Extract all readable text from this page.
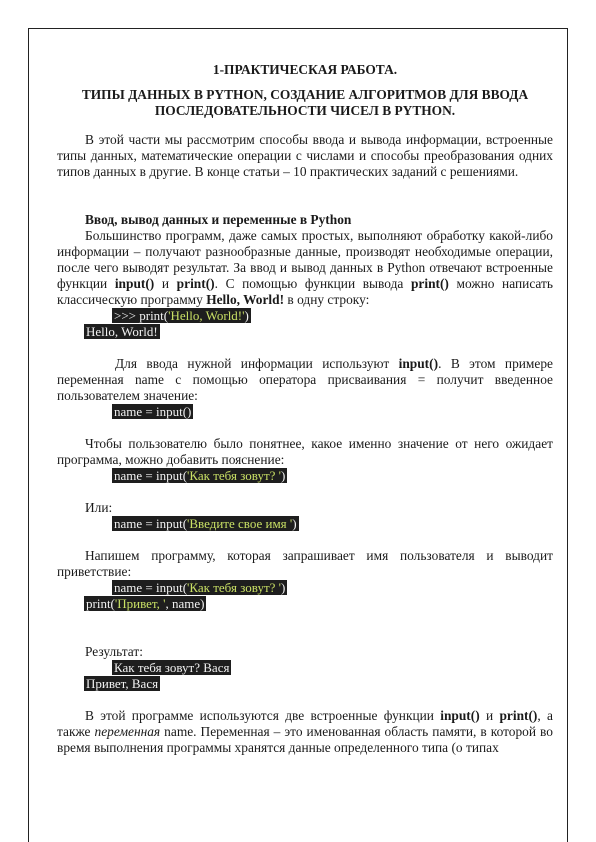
1-ПРАКТИЧЕСКАЯ РАБОТА.
ТИПЫ ДАННЫХ В PYTHON, СОЗДАНИЕ АЛГОРИТМОВ ДЛЯ ВВОДА
ПОСЛЕДОВАТЕЛЬНОСТИ ЧИСЕЛ В PYTHON.
В этой части мы рассмотрим способы ввода и вывода информации, встроенные типы данных, математические операции с числами и способы преобразования одних типов данных в другие. В конце статьи – 10 практических заданий с решениями.
Ввод, вывод данных и переменные в Python
Большинство программ, даже самых простых, выполняют обработку какой-либо информации – получают разнообразные данные, производят необходимые операции, после чего выводят результат. За ввод и вывод данных в Python отвечают встроенные функции input() и print(). С помощью функции вывода print() можно написать классическую программу Hello, World! в одну строку:
>>> print('Hello, World!')
Hello, World!
Для ввода нужной информации используют input(). В этом примере переменная name с помощью оператора присваивания = получит введенное пользователем значение:
name = input()
Чтобы пользователю было понятнее, какое именно значение от него ожидает программа, можно добавить пояснение:
name = input('Как тебя зовут? ')
Или:
name = input('Введите свое имя ')
Напишем программу, которая запрашивает имя пользователя и выводит приветствие:
name = input('Как тебя зовут? ')
print('Привет, ', name)
Результат:
Как тебя зовут? Вася
Привет, Вася
В этой программе используются две встроенные функции input() и print(), а также переменная name. Переменная – это именованная область памяти, в которой во время выполнения программы хранятся данные определенного типа (о типах
